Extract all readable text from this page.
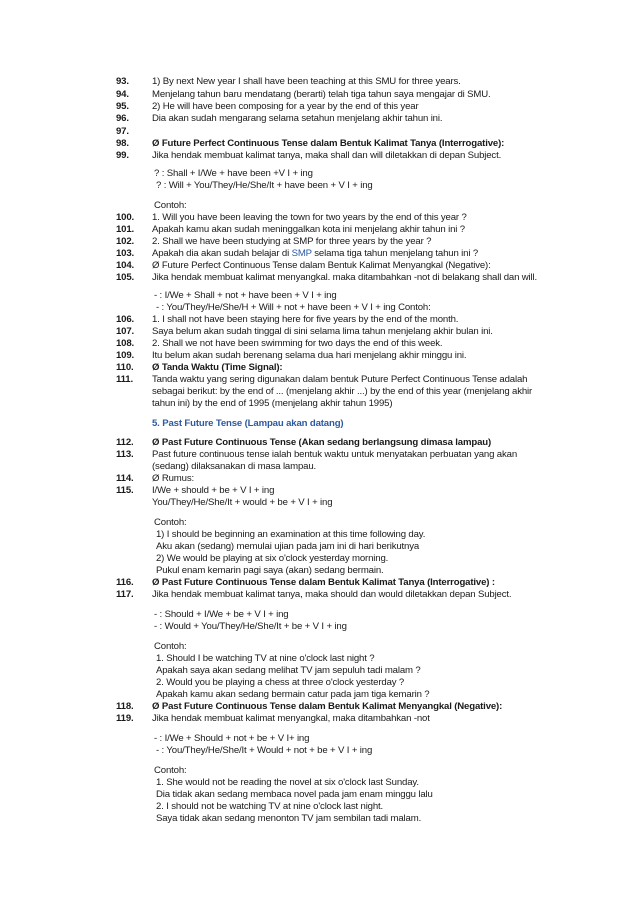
93.	1) By next New year I shall have been teaching at this SMU for three years.
94.	Menjelang tahun baru mendatang (berarti) telah tiga tahun saya mengajar di SMU.
95.	2) He will have been composing for a year by the end of this year
96.	Dia akan sudah mengarang selama setahun menjelang akhir tahun ini.
97.
98.	Ø Future Perfect Continuous Tense dalam Bentuk Kalimat Tanya (Interrogative):
99.	Jika hendak membuat kalimat tanya, maka shall dan will diletakkan di depan Subject.
? : Shall + I/We + have been +V I + ing
? : Will + You/They/He/She/It + have been + V I + ing
Contoh:
100.	1. Will you have been leaving the town for two years by the end of this year ?
101.	Apakah kamu akan sudah meninggalkan kota ini menjelang akhir tahun ini ?
102.	2. Shall we have been studying at SMP for three years by the year ?
103.	Apakah dia akan sudah belajar di SMP selama tiga tahun menjelang tahun ini ?
104.	Ø Future Perfect Continuous Tense dalam Bentuk Kalimat Menyangkal (Negative):
105.	Jika hendak membuat kalimat menyangkal. maka ditambahkan -not di belakang shall dan will.
- : I/We + Shall + not + have been + V I + ing
- : You/They/He/She/H + Will + not + have been + V I + ing Contoh:
106.	1. I shall not have been staying here for five years by the end of the month.
107.	Saya belum akan sudah tinggal di sini selama lima tahun menjelang akhir bulan ini.
108.	2. Shall we not have been swimming for two days the end of this week.
109.	Itu belum akan sudah berenang selama dua hari menjelang akhir minggu ini.
110.	Ø Tanda Waktu (Time Signal):
111.	Tanda waktu yang sering digunakan dalam bentuk Puture Perfect Continuous Tense adalah
sebagai berikut: by the end of ... (menjelang akhir ...) by the end of this year (menjelang akhir
tahun ini) by the end of 1995 (menjelang akhir tahun 1995)
5. Past Future Tense (Lampau akan datang)
112.	Ø Past Future Continuous Tense (Akan sedang berlangsung dimasa lampau)
113.	Past future continuous tense ialah bentuk waktu untuk menyatakan perbuatan yang akan
(sedang) dilaksanakan di masa lampau.
114.	Ø Rumus:
115.	I/We + should + be + V I + ing
You/They/He/She/It + would + be + V I + ing
Contoh:
1) I should be beginning an examination at this time following day.
Aku akan (sedang) memulai ujian pada jam ini di hari berikutnya
2) We would be playing at six o'clock yesterday morning.
Pukul enam kemarin pagi saya (akan) sedang bermain.
116.	Ø Past Future Continuous Tense dalam Bentuk Kalimat Tanya (Interrogative) :
117.	Jika hendak membuat kalimat tanya, maka should dan would diletakkan depan Subject.
- : Should + I/We + be + V I + ing
- : Would + You/They/He/She/It + be + V I + ing
Contoh:
1. Should I be watching TV at nine o'clock last night ?
Apakah saya akan sedang melihat TV jam sepuluh tadi malam ?
2. Would you be playing a chess at three o'clock yesterday ?
Apakah kamu akan sedang bermain catur pada jam tiga kemarin ?
118.	Ø Past Future Continuous Tense dalam Bentuk Kalimat Menyangkal (Negative):
119.	Jika hendak membuat kalimat menyangkal, maka ditambahkan -not
- : I/We + Should + not + be + V I+ ing
- : You/They/He/She/It + Would + not + be + V I + ing
Contoh:
1. She would not be reading the novel at six o'clock last Sunday.
Dia tidak akan sedang membaca novel pada jam enam minggu lalu
2. I should not be watching TV at nine o'clock last night.
Saya tidak akan sedang menonton TV jam sembilan tadi malam.
